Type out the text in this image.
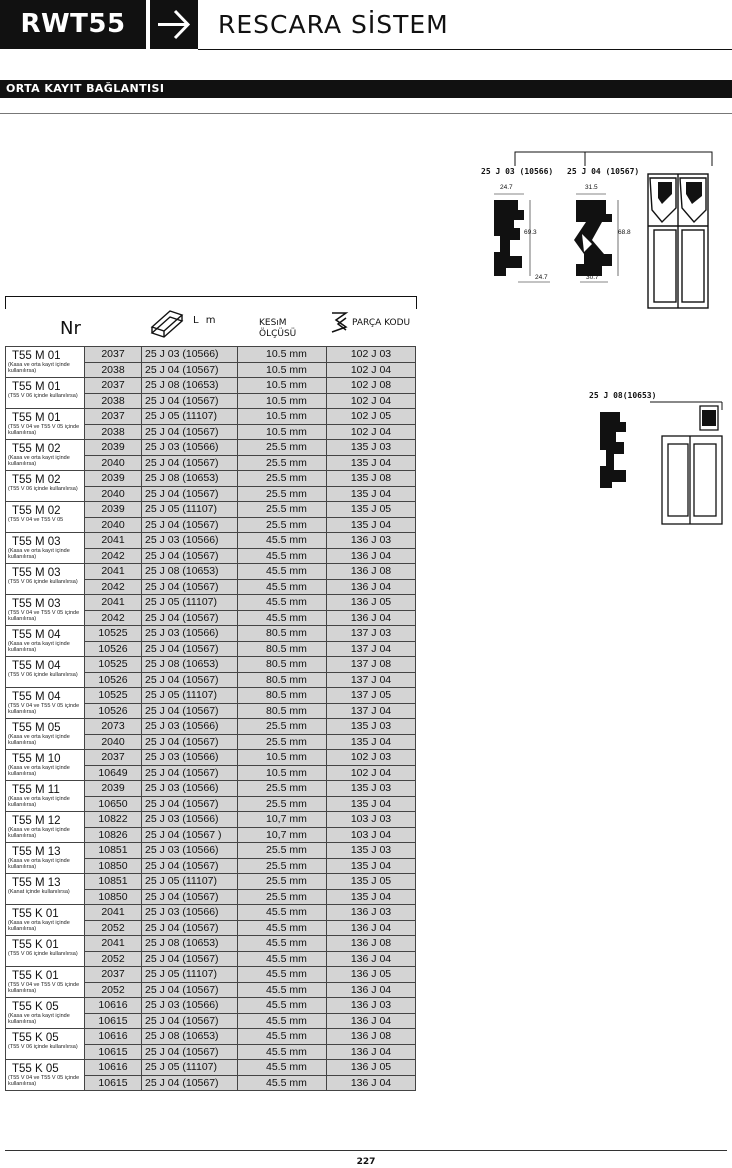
RWT55	RESCARA SİSTEM
ORTA KAYIT BAĞLANTISI
25 J 03 (10566) 25 J 04 (10567)
24.7
69.3
24.7
31.5
68.8
30.7
25 J 08(10653)
Nr	L m	KESıM
ÖLÇÜSÜ
PARÇA KODU
T55 M 01
(Kasa ve orta kayıt içinde kullanılırsa)	2037	25 J 03 (10566)	10.5 mm	102 J 03
	2038	25 J 04 (10567)	10.5 mm	102 J 04

T55 M 01
(T55 V 06 içinde kullanılırsa)	2037	25 J 08 (10653)	10.5 mm	102 J 08
	2038	25 J 04 (10567)	10.5 mm	102 J 04

T55 M 01
(T55 V 04 ve T55 V 05 içinde kullanılırsa)	2037	25 J 05 (11107)	10.5 mm	102 J 05
	2038	25 J 04 (10567)	10.5 mm	102 J 04

T55 M 02
(Kasa ve orta kayıt içinde kullanılırsa)	2039	25 J 03 (10566)	25.5 mm	135 J 03
	2040	25 J 04 (10567)	25.5 mm	135 J 04

T55 M 02
(T55 V 06 içinde kullanılırsa)	2039	25 J 08 (10653)	25.5 mm	135 J 08
	2040	25 J 04 (10567)	25.5 mm	135 J 04

T55 M 02
(T55 V 04 ve T55 V 05	2039	25 J 05 (11107)	25.5 mm	135 J 05
	2040	25 J 04 (10567)	25.5 mm	135 J 04

T55 M 03
(Kasa ve orta kayıt içinde kullanılırsa)	2041	25 J 03 (10566)	45.5 mm	136 J 03
	2042	25 J 04 (10567)	45.5 mm	136 J 04

T55 M 03
(T55 V 06 içinde kullanılırsa)	2041	25 J 08 (10653)	45.5 mm	136 J 08
	2042	25 J 04 (10567)	45.5 mm	136 J 04

T55 M 03
(T55 V 04 ve T55 V 05 içinde kullanılırsa)	2041	25 J 05 (11107)	45.5 mm	136 J 05
	2042	25 J 04 (10567)	45.5 mm	136 J 04

T55 M 04
(Kasa ve orta kayıt içinde kullanılırsa)	10525	25 J 03 (10566)	80.5 mm	137 J 03
	10526	25 J 04 (10567)	80.5 mm	137 J 04

T55 M 04
(T55 V 06 içinde kullanılırsa)	10525	25 J 08 (10653)	80.5 mm	137 J 08
	10526	25 J 04 (10567)	80.5 mm	137 J 04

T55 M 04
(T55 V 04 ve T55 V 05 içinde kullanılırsa)	10525	25 J 05 (11107)	80.5 mm	137 J 05
	10526	25 J 04 (10567)	80.5 mm	137 J 04

T55 M 05
(Kasa ve orta kayıt içinde kullanılırsa)	2073	25 J 03 (10566)	25.5 mm	135 J 03
	2040	25 J 04 (10567)	25.5 mm	135 J 04

T55 M 10
(Kasa ve orta kayıt içinde kullanılırsa)	2037	25 J 03 (10566)	10.5 mm	102 J 03
	10649	25 J 04 (10567)	10.5 mm	102 J 04

T55 M 11
(Kasa ve orta kayıt içinde kullanılırsa)	2039	25 J 03 (10566)	25.5 mm	135 J 03
	10650	25 J 04 (10567)	25.5 mm	135 J 04

T55 M 12
(Kasa ve orta kayıt içinde kullanılırsa)	10822	25 J 03 (10566)	10,7 mm	103 J 03
	10826	25 J 04 (10567 )	10,7 mm	103 J 04

T55 M 13
(Kasa ve orta kayıt içinde kullanılırsa)	10851	25 J 03 (10566)	25.5 mm	135 J 03
	10850	25 J 04 (10567)	25.5 mm	135 J 04

T55 M 13
(Kanat içinde kullanılırsa)	10851	25 J 05 (11107)	25.5 mm	135 J 05
	10850	25 J 04 (10567)	25.5 mm	135 J 04

T55 K 01
(Kasa ve orta kayıt içinde kullanılırsa)	2041	25 J 03 (10566)	45.5 mm	136 J 03
	2052	25 J 04 (10567)	45.5 mm	136 J 04

T55 K 01
(T55 V 06 içinde kullanılırsa)	2041	25 J 08 (10653)	45.5 mm	136 J 08
	2052	25 J 04 (10567)	45.5 mm	136 J 04

T55 K 01
(T55 V 04 ve T55 V 05 içinde kullanılırsa)	2037	25 J 05 (11107)	45.5 mm	136 J 05
	2052	25 J 04 (10567)	45.5 mm	136 J 04

T55 K 05
(Kasa ve orta kayıt içinde kullanılırsa)	10616	25 J 03 (10566)	45.5 mm	136 J 03
	10615	25 J 04 (10567)	45.5 mm	136 J 04

T55 K 05
(T55 V 06 içinde kullanılırsa)	10616	25 J 08 (10653)	45.5 mm	136 J 08
	10615	25 J 04 (10567)	45.5 mm	136 J 04

T55 K 05
(T55 V 04 ve T55 V 05 içinde kullanılırsa)	10616	25 J 05 (11107)	45.5 mm	136 J 05
	10615	25 J 04 (10567)	45.5 mm	136 J 04
227
